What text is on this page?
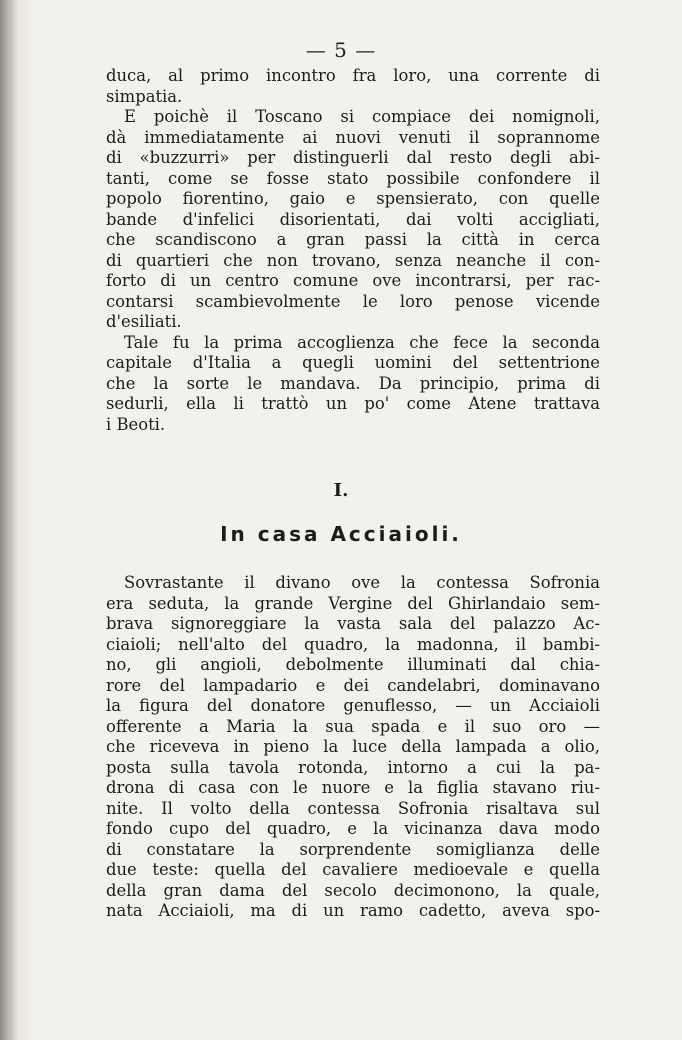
— 5 —
duca, al primo incontro fra loro, una corrente di
simpatia.
E poichè il Toscano si compiace dei nomignoli,
dà immediatamente ai nuovi venuti il soprannome
di «buzzurri» per distinguerli dal resto degli abi-
tanti, come se fosse stato possibile confondere il
popolo fiorentino, gaio e spensierato, con quelle
bande d'infelici disorientati, dai volti accigliati,
che scandiscono a gran passi la città in cerca
di quartieri che non trovano, senza neanche il con-
forto di un centro comune ove incontrarsi, per rac-
contarsi scambievolmente le loro penose vicende
d'esiliati.
Tale fu la prima accoglienza che fece la seconda
capitale d'Italia a quegli uomini del settentrione
che la sorte le mandava. Da principio, prima di
sedurli, ella li trattò un po' come Atene trattava
i Beoti.
I.
In casa Acciaioli.
Sovrastante il divano ove la contessa Sofronia
era seduta, la grande Vergine del Ghirlandaio sem-
brava signoreggiare la vasta sala del palazzo Ac-
ciaioli; nell'alto del quadro, la madonna, il bambi-
no, gli angioli, debolmente illuminati dal chia-
rore del lampadario e dei candelabri, dominavano
la figura del donatore genuflesso, — un Acciaioli
offerente a Maria la sua spada e il suo oro —
che riceveva in pieno la luce della lampada a olio,
posta sulla tavola rotonda, intorno a cui la pa-
drona di casa con le nuore e la figlia stavano riu-
nite. Il volto della contessa Sofronia risaltava sul
fondo cupo del quadro, e la vicinanza dava modo
di constatare la sorprendente somiglianza delle
due teste: quella del cavaliere medioevale e quella
della gran dama del secolo decimonono, la quale,
nata Acciaioli, ma di un ramo cadetto, aveva spo-
